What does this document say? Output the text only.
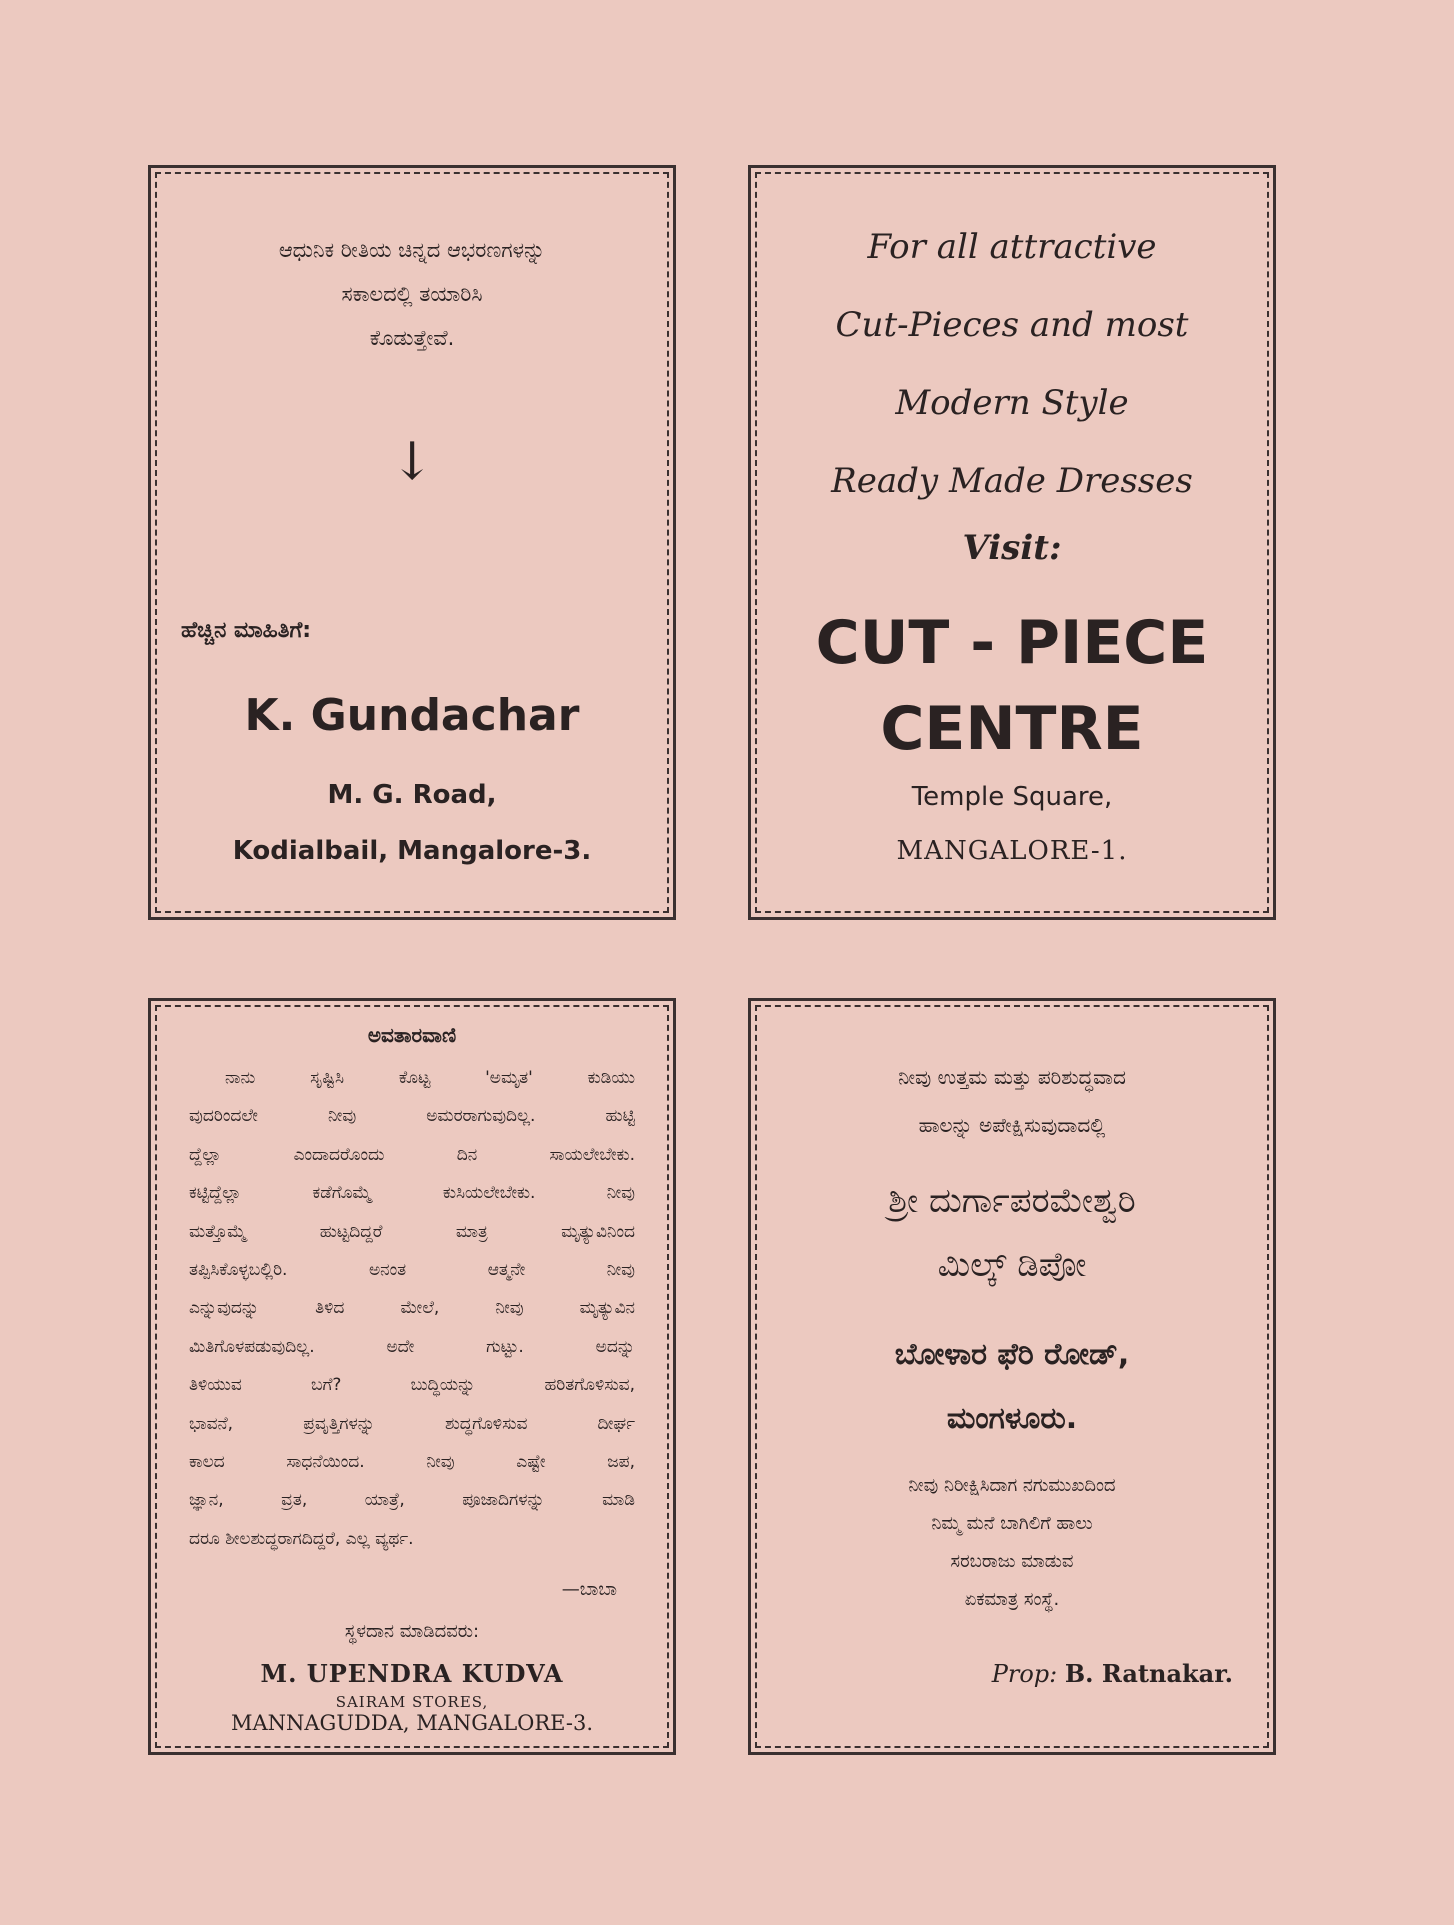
ಆಧುನಿಕ ರೀತಿಯ ಚಿನ್ನದ ಆಭರಣಗಳನ್ನು
ಸಕಾಲದಲ್ಲಿ ತಯಾರಿಸಿ
ಕೊಡುತ್ತೇವೆ.
↓
ಹೆಚ್ಚಿನ ಮಾಹಿತಿಗೆ:
K. Gundachar
M. G. Road,
Kodialbail, Mangalore-3.
For all attractive
Cut-Pieces and most
Modern Style
Ready Made Dresses
Visit:
CUT - PIECE
CENTRE
Temple Square,
MANGALORE-1.
ಅವತಾರವಾಣಿ
ನಾನು ಸೃಷ್ಟಿಸಿ ಕೊಟ್ಟ 'ಅಮೃತ' ಕುಡಿಯು
ವುದರಿಂದಲೇ ನೀವು ಅಮರರಾಗುವುದಿಲ್ಲ. ಹುಟ್ಟಿ
ದ್ದೆಲ್ಲಾ ಎಂದಾದರೊಂದು ದಿನ ಸಾಯಲೇಬೇಕು.
ಕಟ್ಟಿದ್ದೆಲ್ಲಾ ಕಡೆಗೊಮ್ಮೆ ಕುಸಿಯಲೇಬೇಕು. ನೀವು
ಮತ್ತೊಮ್ಮೆ ಹುಟ್ಟದಿದ್ದರೆ ಮಾತ್ರ ಮೃತ್ಯುವಿನಿಂದ
ತಪ್ಪಿಸಿಕೊಳ್ಳಬಲ್ಲಿರಿ. ಅನಂತ ಆತ್ಮನೇ ನೀವು
ಎನ್ನುವುದನ್ನು ತಿಳಿದ ಮೇಲೆ, ನೀವು ಮೃತ್ಯುವಿನ
ಮಿತಿಗೊಳಪಡುವುದಿಲ್ಲ. ಅದೇ ಗುಟ್ಟು. ಅದನ್ನು
ತಿಳಿಯುವ ಬಗೆ? ಬುದ್ಧಿಯನ್ನು ಹರಿತಗೊಳಿಸುವ,
ಭಾವನೆ, ಪ್ರವೃತ್ತಿಗಳನ್ನು ಶುದ್ಧಗೊಳಿಸುವ ದೀರ್ಘ
ಕಾಲದ ಸಾಧನೆಯಿಂದ. ನೀವು ಎಷ್ಟೇ ಜಪ,
ಜ್ಞಾನ, ವ್ರತ, ಯಾತ್ರೆ, ಪೂಜಾದಿಗಳನ್ನು ಮಾಡಿ
ದರೂ ಶೀಲಶುದ್ಧರಾಗದಿದ್ದರೆ, ಎಲ್ಲ ವ್ಯರ್ಥ.
—ಬಾಬಾ
ಸ್ಥಳದಾನ ಮಾಡಿದವರು:
M. UPENDRA KUDVA
SAIRAM STORES,
MANNAGUDDA, MANGALORE-3.
ನೀವು ಉತ್ತಮ ಮತ್ತು ಪರಿಶುದ್ಧವಾದ
ಹಾಲನ್ನು ಅಪೇಕ್ಷಿಸುವುದಾದಲ್ಲಿ
ಶ್ರೀ ದುರ್ಗಾಪರಮೇಶ್ವರಿ
ಮಿಲ್ಕ್ ಡಿಪೋ
ಬೋಳಾರ ಫೆರಿ ರೋಡ್,
ಮಂಗಳೂರು.
ನೀವು ನಿರೀಕ್ಷಿಸಿದಾಗ ನಗುಮುಖದಿಂದ
ನಿಮ್ಮ ಮನೆ ಬಾಗಿಲಿಗೆ ಹಾಲು
ಸರಬರಾಜು ಮಾಡುವ
ಏಕಮಾತ್ರ ಸಂಸ್ಥೆ.
Prop: B. Ratnakar.
